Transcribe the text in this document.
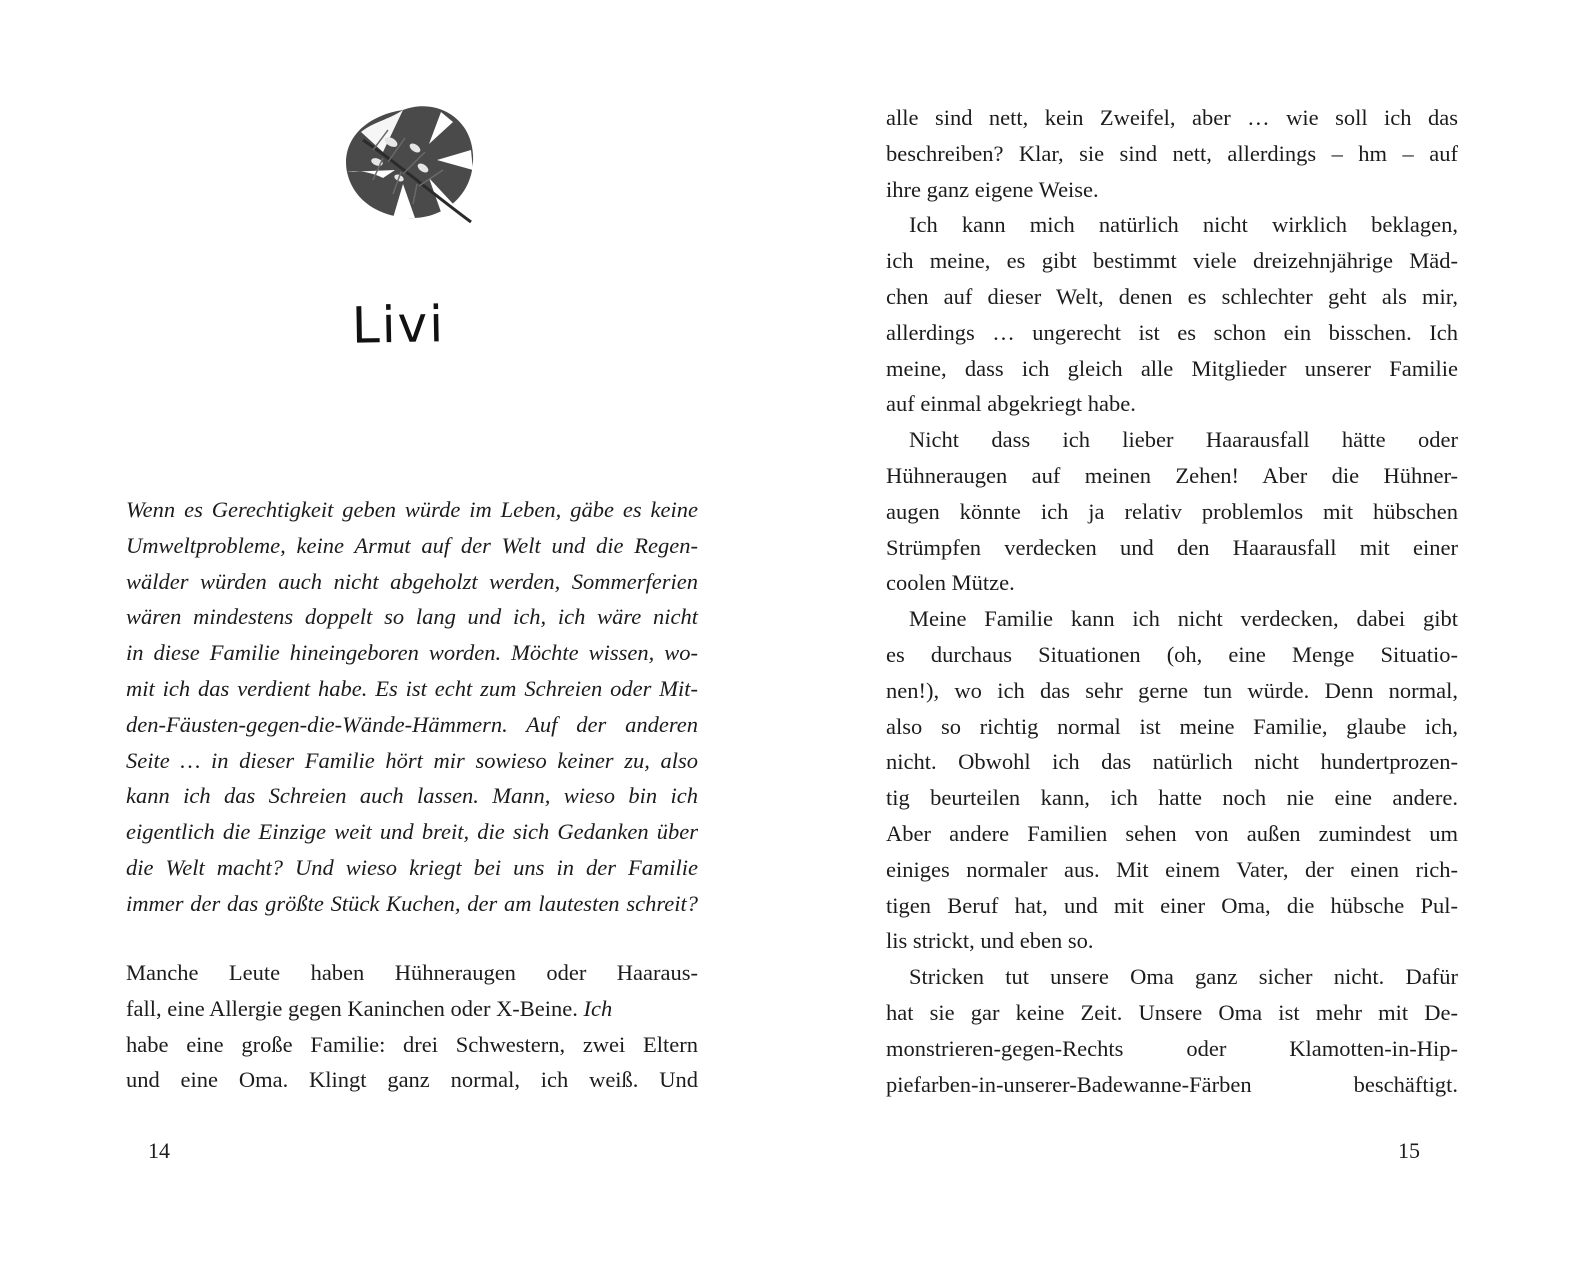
Livi
Wenn es Gerechtigkeit geben würde im Leben, gäbe es keine
Umweltprobleme, keine Armut auf der Welt und die Regen-
wälder würden auch nicht abgeholzt werden, Sommerferien
wären mindestens doppelt so lang und ich, ich wäre nicht
in diese Familie hineingeboren worden. Möchte wissen, wo-
mit ich das verdient habe. Es ist echt zum Schreien oder Mit-
den-Fäusten-gegen-die-Wände-Hämmern. Auf der anderen
Seite … in dieser Familie hört mir sowieso keiner zu, also
kann ich das Schreien auch lassen. Mann, wieso bin ich
eigentlich die Einzige weit und breit, die sich Gedanken über
die Welt macht? Und wieso kriegt bei uns in der Familie
immer der das größte Stück Kuchen, der am lautesten schreit?
Manche Leute haben Hühneraugen oder Haaraus-
fall, eine Allergie gegen Kaninchen oder X-Beine. Ich
habe eine große Familie: drei Schwestern, zwei Eltern
und eine Oma. Klingt ganz normal, ich weiß. Und

14

alle sind nett, kein Zweifel, aber … wie soll ich das
beschreiben? Klar, sie sind nett, allerdings – hm – auf
ihre ganz eigene Weise.
Ich kann mich natürlich nicht wirklich beklagen,
ich meine, es gibt bestimmt viele dreizehnjährige Mäd-
chen auf dieser Welt, denen es schlechter geht als mir,
allerdings … ungerecht ist es schon ein bisschen. Ich
meine, dass ich gleich alle Mitglieder unserer Familie
auf einmal abgekriegt habe.
Nicht dass ich lieber Haarausfall hätte oder
Hühneraugen auf meinen Zehen! Aber die Hühner-
augen könnte ich ja relativ problemlos mit hübschen
Strümpfen verdecken und den Haarausfall mit einer
coolen Mütze.
Meine Familie kann ich nicht verdecken, dabei gibt
es durchaus Situationen (oh, eine Menge Situatio-
nen!), wo ich das sehr gerne tun würde. Denn normal,
also so richtig normal ist meine Familie, glaube ich,
nicht. Obwohl ich das natürlich nicht hundertprozen-
tig beurteilen kann, ich hatte noch nie eine andere.
Aber andere Familien sehen von außen zumindest um
einiges normaler aus. Mit einem Vater, der einen rich-
tigen Beruf hat, und mit einer Oma, die hübsche Pul-
lis strickt, und eben so.
Stricken tut unsere Oma ganz sicher nicht. Dafür
hat sie gar keine Zeit. Unsere Oma ist mehr mit De-
monstrieren-gegen-Rechts oder Klamotten-in-Hip-
piefarben-in-unserer-Badewanne-Färben beschäftigt.

15
